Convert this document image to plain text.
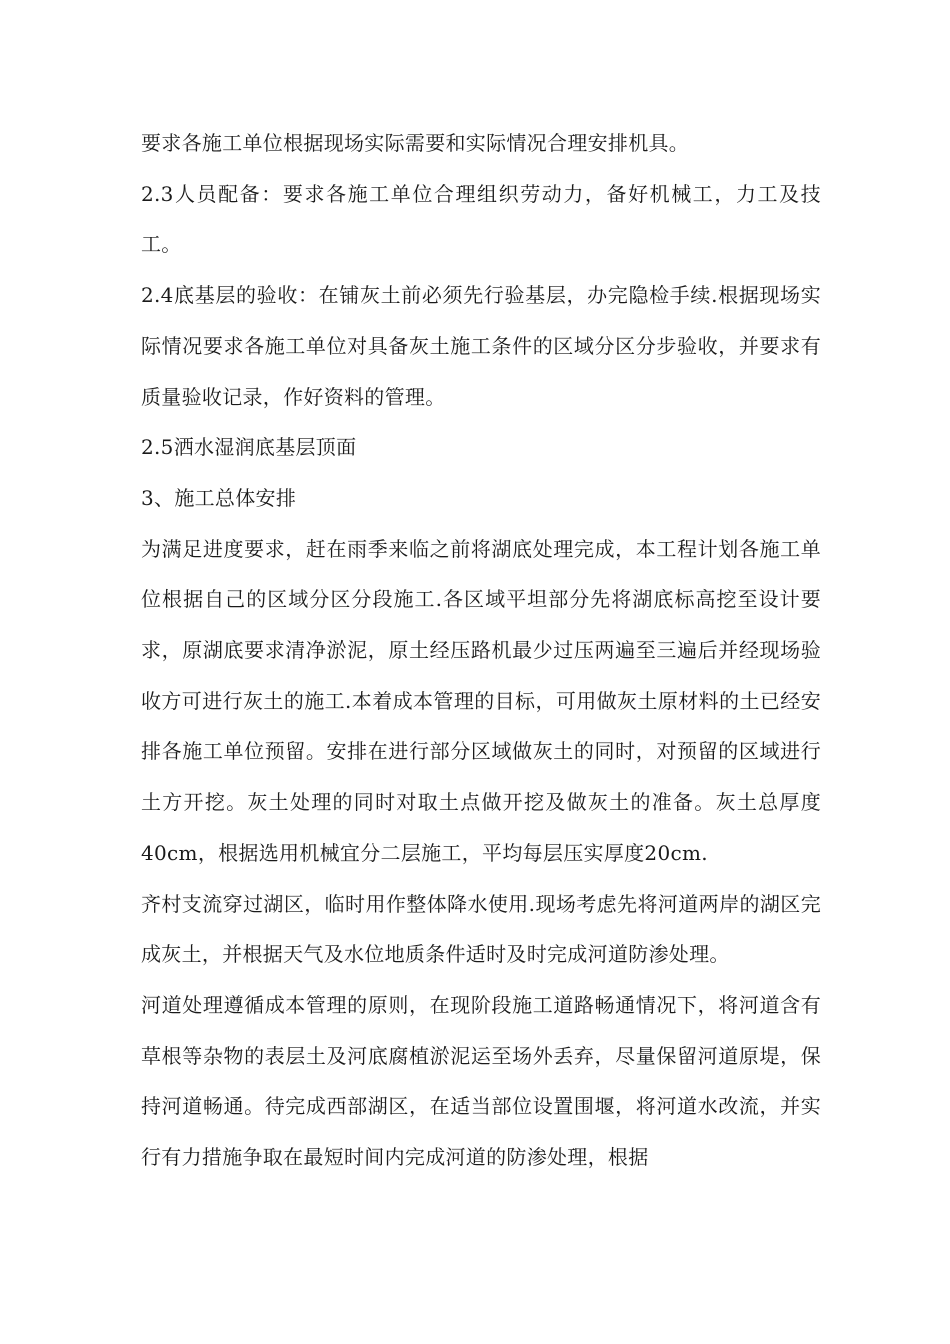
要求各施工单位根据现场实际需要和实际情况合理安排机具。

2.3人员配备：要求各施工单位合理组织劳动力，备好机械工，力工及技工。

2.4底基层的验收：在铺灰土前必须先行验基层，办完隐检手续.根据现场实际情况要求各施工单位对具备灰土施工条件的区域分区分步验收，并要求有质量验收记录，作好资料的管理。

2.5洒水湿润底基层顶面

3、施工总体安排

为满足进度要求，赶在雨季来临之前将湖底处理完成，本工程计划各施工单位根据自己的区域分区分段施工.各区域平坦部分先将湖底标高挖至设计要求，原湖底要求清净淤泥，原土经压路机最少过压两遍至三遍后并经现场验收方可进行灰土的施工.本着成本管理的目标，可用做灰土原材料的土已经安排各施工单位预留。安排在进行部分区域做灰土的同时，对预留的区域进行土方开挖。灰土处理的同时对取土点做开挖及做灰土的准备。灰土总厚度40cm，根据选用机械宜分二层施工，平均每层压实厚度20cm.

齐村支流穿过湖区，临时用作整体降水使用.现场考虑先将河道两岸的湖区完成灰土，并根据天气及水位地质条件适时及时完成河道防渗处理。

河道处理遵循成本管理的原则，在现阶段施工道路畅通情况下，将河道含有草根等杂物的表层土及河底腐植淤泥运至场外丢弃，尽量保留河道原堤，保持河道畅通。待完成西部湖区，在适当部位设置围堰，将河道水改流，并实行有力措施争取在最短时间内完成河道的防渗处理，根据
